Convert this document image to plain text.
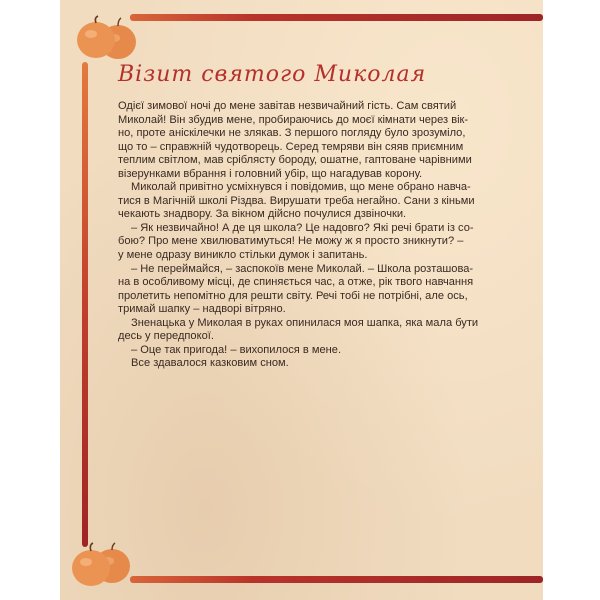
Візит святого Миколая
Одієї зимової ночі до мене завітав незвичайний гість. Сам святий
Миколай! Він збудив мене, пробираючись до моєї кімнати через вік-
но, проте аніскілечки не злякав. З першого погляду було зрозуміло,
що то – справжній чудотворець. Серед темряви він сяяв приємним
теплим світлом, мав сріблясту бороду, ошатне, гаптоване чарівними
візерунками вбрання і головний убір, що нагадував корону.
Миколай привітно усміхнувся і повідомив, що мене обрано навча-
тися в Магічній школі Різдва. Вирушати треба негайно. Сани з кіньми
чекають знадвору. За вікном дійсно почулися дзвіночки.
– Як незвичайно! А де ця школа? Це надовго? Які речі брати із со-
бою? Про мене хвилюватимуться! Не можу ж я просто зникнути? –
у мене одразу виникло стільки думок і запитань.
– Не переймайся, – заспокоїв мене Миколай. – Школа розташова-
на в особливому місці, де спиняється час, а отже, рік твого навчання
пролетить непомітно для решти світу. Речі тобі не потрібні, але ось,
тримай шапку – надворі вітряно.
Зненацька у Миколая в руках опинилася моя шапка, яка мала бути
десь у передпокої.
– Оце так пригода! – вихопилося в мене.
Все здавалося казковим сном.
